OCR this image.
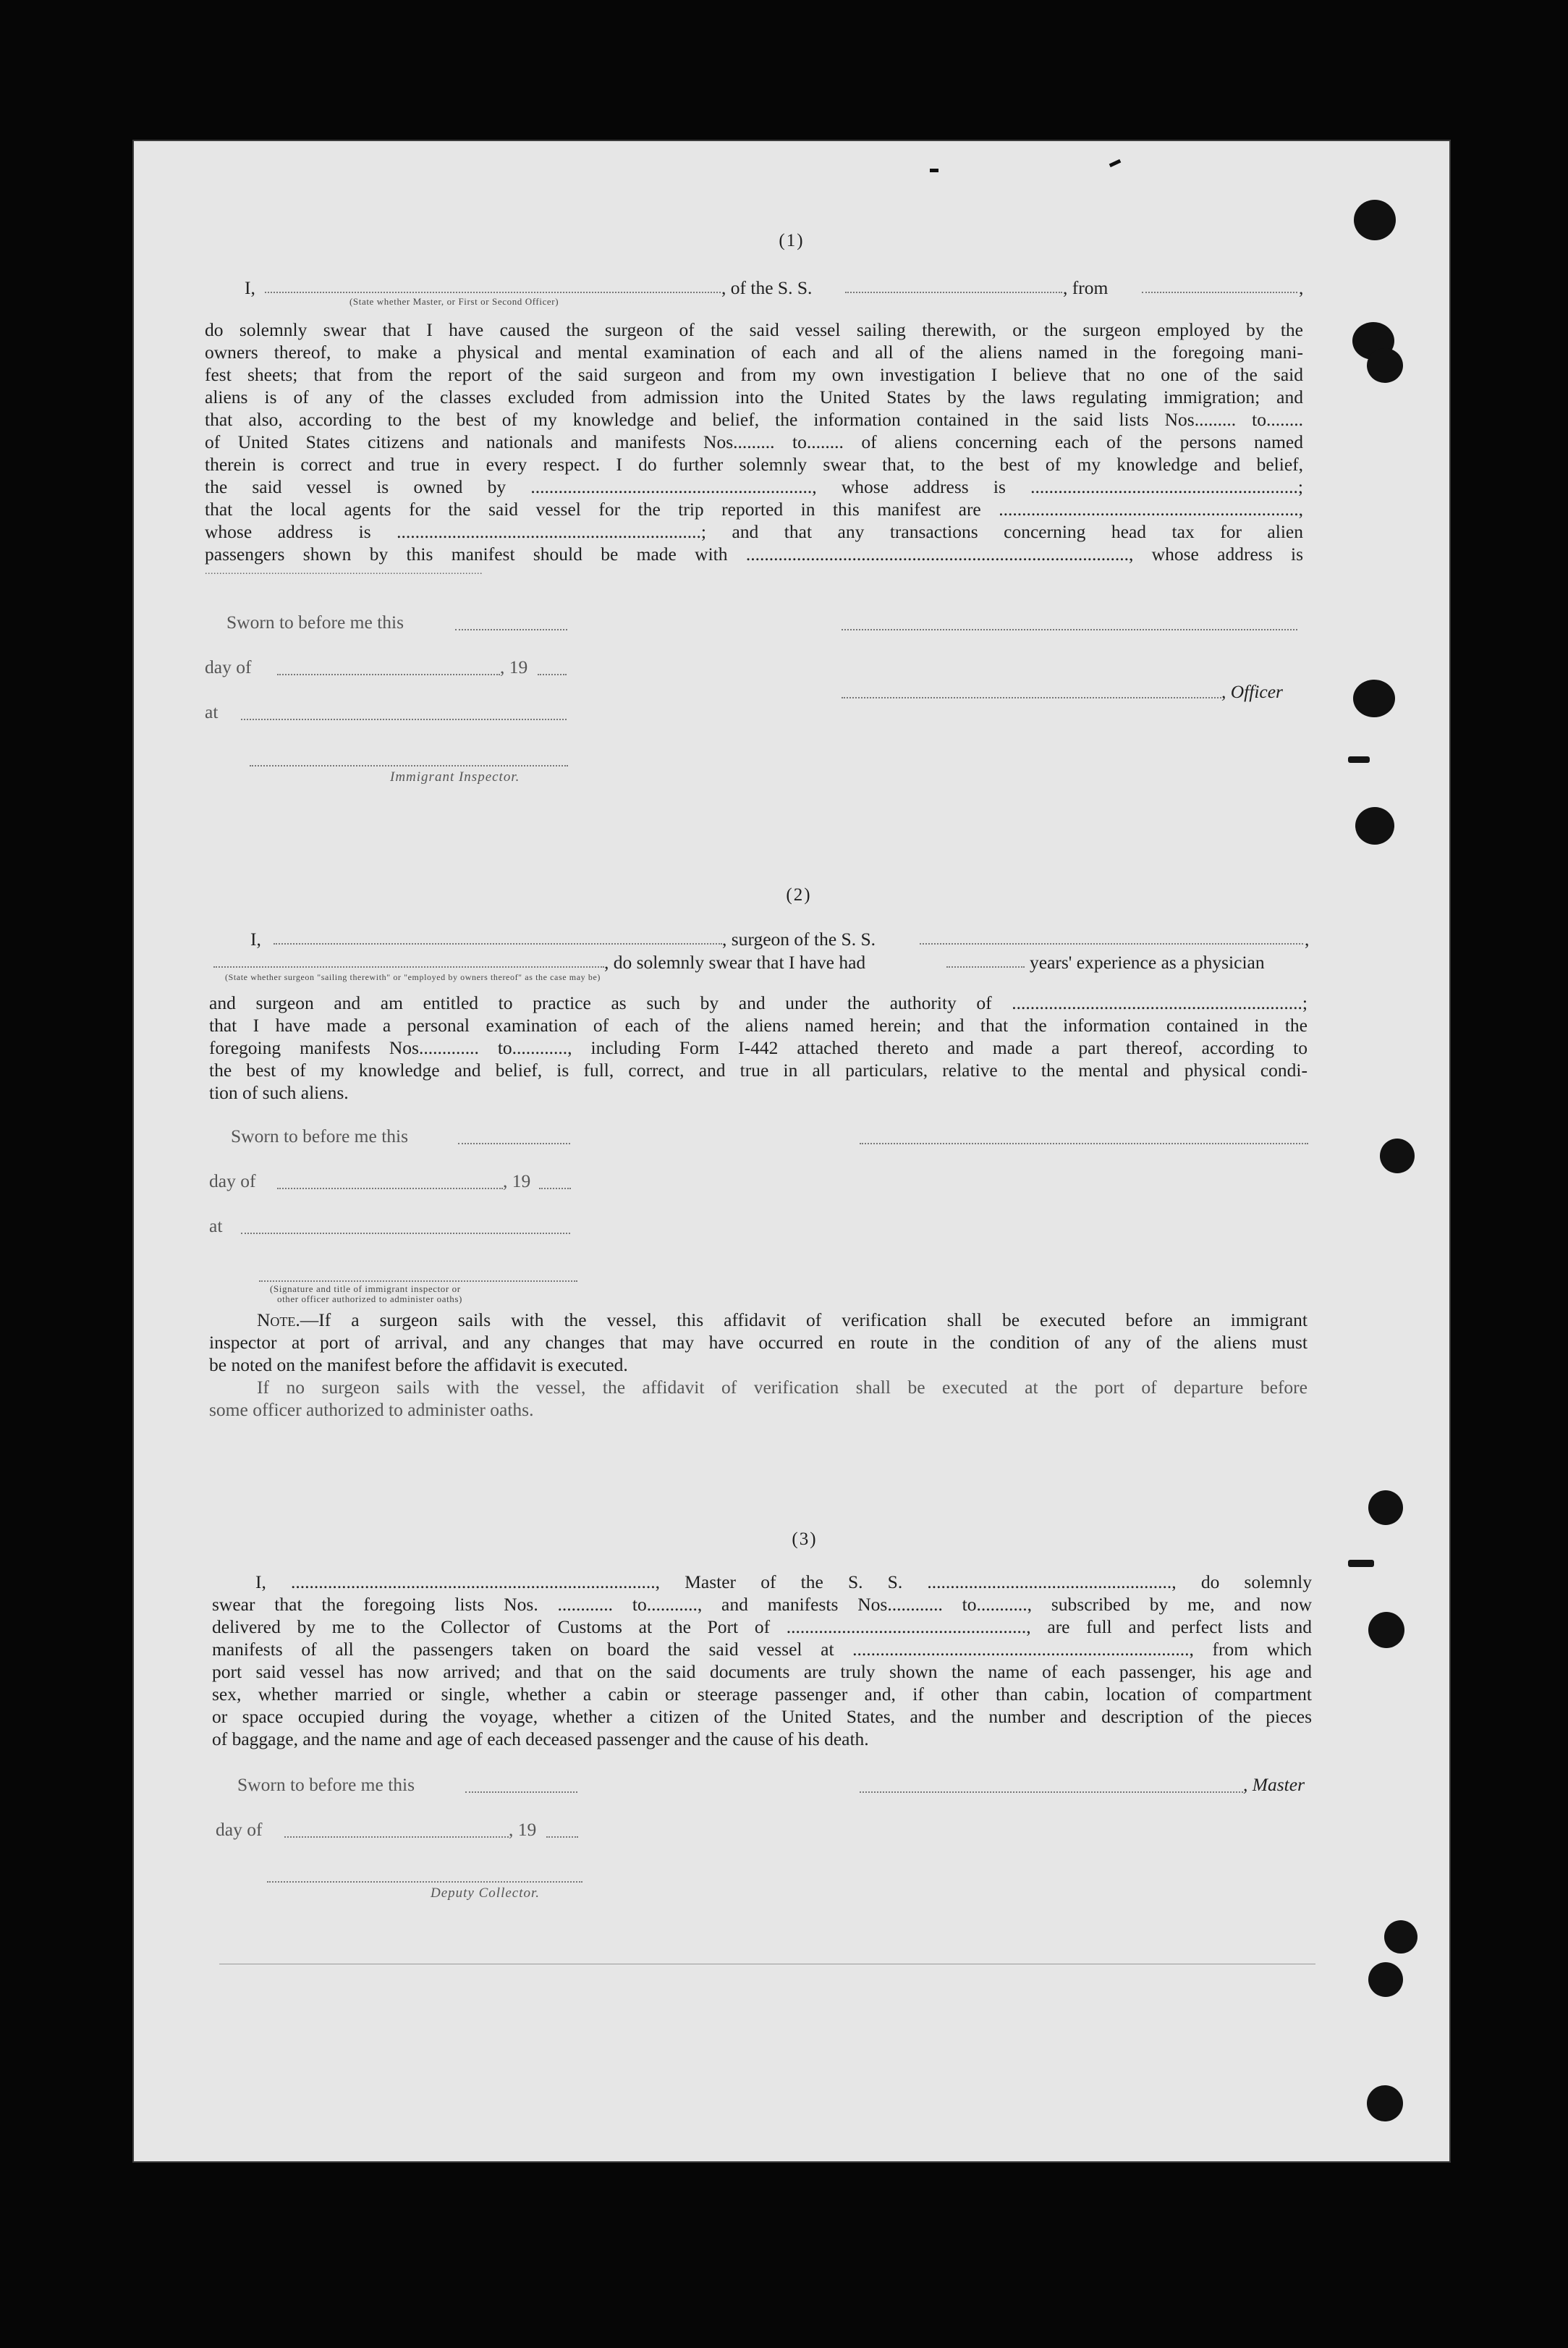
(1)
I,	, of the S. S.	, from	,
(State whether Master, or First or Second Officer)
do solemnly swear that I have caused the surgeon of the said vessel sailing therewith, or the surgeon employed by the
owners thereof, to make a physical and mental examination of each and all of the aliens named in the foregoing mani-
fest sheets; that from the report of the said surgeon and from my own investigation I believe that no one of the said
aliens is of any of the classes excluded from admission into the United States by the laws regulating immigration; and
that also, according to the best of my knowledge and belief, the information contained in the said lists Nos......... to........
of United States citizens and nationals and manifests Nos......... to........ of aliens concerning each of the persons named
therein is correct and true in every respect. I do further solemnly swear that, to the best of my knowledge and belief,
the said vessel is owned by ............................................................., whose address is ..........................................................;
that the local agents for the said vessel for the trip reported in this manifest are .................................................................,
whose address is ..................................................................; and that any transactions concerning head tax for alien
passengers shown by this manifest should be made with ..................................................................................., whose address is
................................................................................................
Sworn to before me this
day of	, 19
, Officer
at
Immigrant Inspector.
(2)
I,	, surgeon of the S. S.	,
, do solemnly swear that I have had	years' experience as a physician
(State whether surgeon "sailing therewith" or "employed by owners thereof" as the case may be)
and surgeon and am entitled to practice as such by and under the authority of ...............................................................;
that I have made a personal examination of each of the aliens named herein; and that the information contained in the
foregoing manifests Nos............. to............, including Form I-442 attached thereto and made a part thereof, according to
the best of my knowledge and belief, is full, correct, and true in all particulars, relative to the mental and physical condi-
tion of such aliens.
Sworn to before me this
day of	, 19
at
(Signature and title of immigrant inspector or
other officer authorized to administer oaths)
Note.—If a surgeon sails with the vessel, this affidavit of verification shall be executed before an immigrant
inspector at port of arrival, and any changes that may have occurred en route in the condition of any of the aliens must
be noted on the manifest before the affidavit is executed.
If no surgeon sails with the vessel, the affidavit of verification shall be executed at the port of departure before
some officer authorized to administer oaths.
(3)
I, ..............................................................................., Master of the S. S. ....................................................., do solemnly
swear that the foregoing lists Nos. ............ to..........., and manifests Nos............ to..........., subscribed by me, and now
delivered by me to the Collector of Customs at the Port of ...................................................., are full and perfect lists and
manifests of all the passengers taken on board the said vessel at ........................................................................., from which
port said vessel has now arrived; and that on the said documents are truly shown the name of each passenger, his age and
sex, whether married or single, whether a cabin or steerage passenger and, if other than cabin, location of compartment
or space occupied during the voyage, whether a citizen of the United States, and the number and description of the pieces
of baggage, and the name and age of each deceased passenger and the cause of his death.
Sworn to before me this	, Master
day of	, 19
Deputy Collector.
